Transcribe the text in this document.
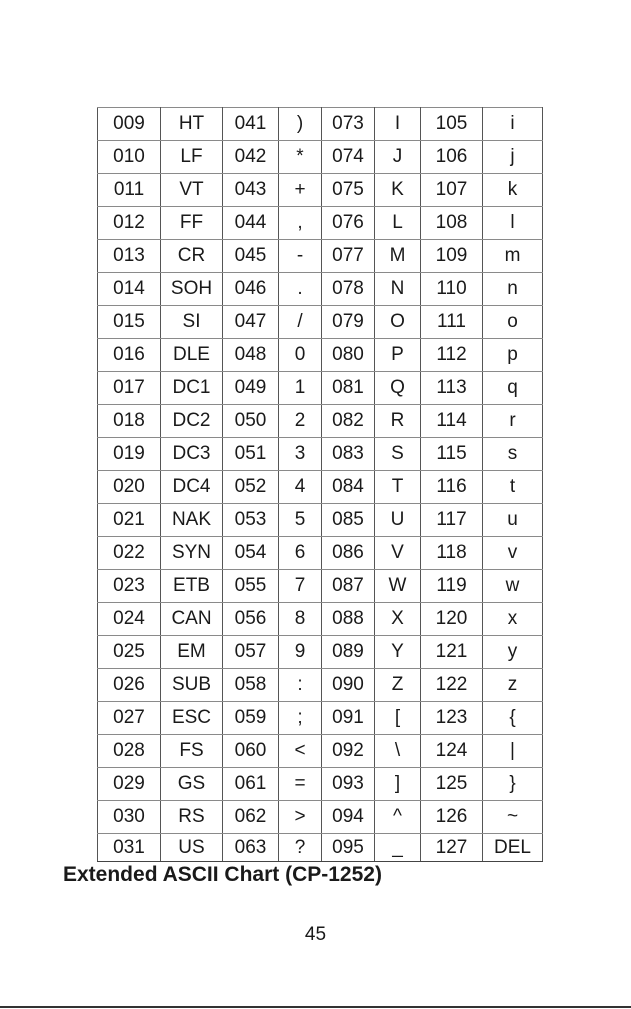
009	HT	041	)	073	I	105	i
010	LF	042	*	074	J	106	j
011	VT	043	+	075	K	107	k
012	FF	044	,	076	L	108	l
013	CR	045	-	077	M	109	m
014	SOH	046	.	078	N	110	n
015	SI	047	/	079	O	111	o
016	DLE	048	0	080	P	112	p
017	DC1	049	1	081	Q	113	q
018	DC2	050	2	082	R	114	r
019	DC3	051	3	083	S	115	s
020	DC4	052	4	084	T	116	t
021	NAK	053	5	085	U	117	u
022	SYN	054	6	086	V	118	v
023	ETB	055	7	087	W	119	w
024	CAN	056	8	088	X	120	x
025	EM	057	9	089	Y	121	y
026	SUB	058	:	090	Z	122	z
027	ESC	059	;	091	[	123	{
028	FS	060	<	092	\	124	|
029	GS	061	=	093	]	125	}
030	RS	062	>	094	^	126	~
031	US	063	?	095	_	127	DEL
Extended ASCII Chart (CP-1252)
45
